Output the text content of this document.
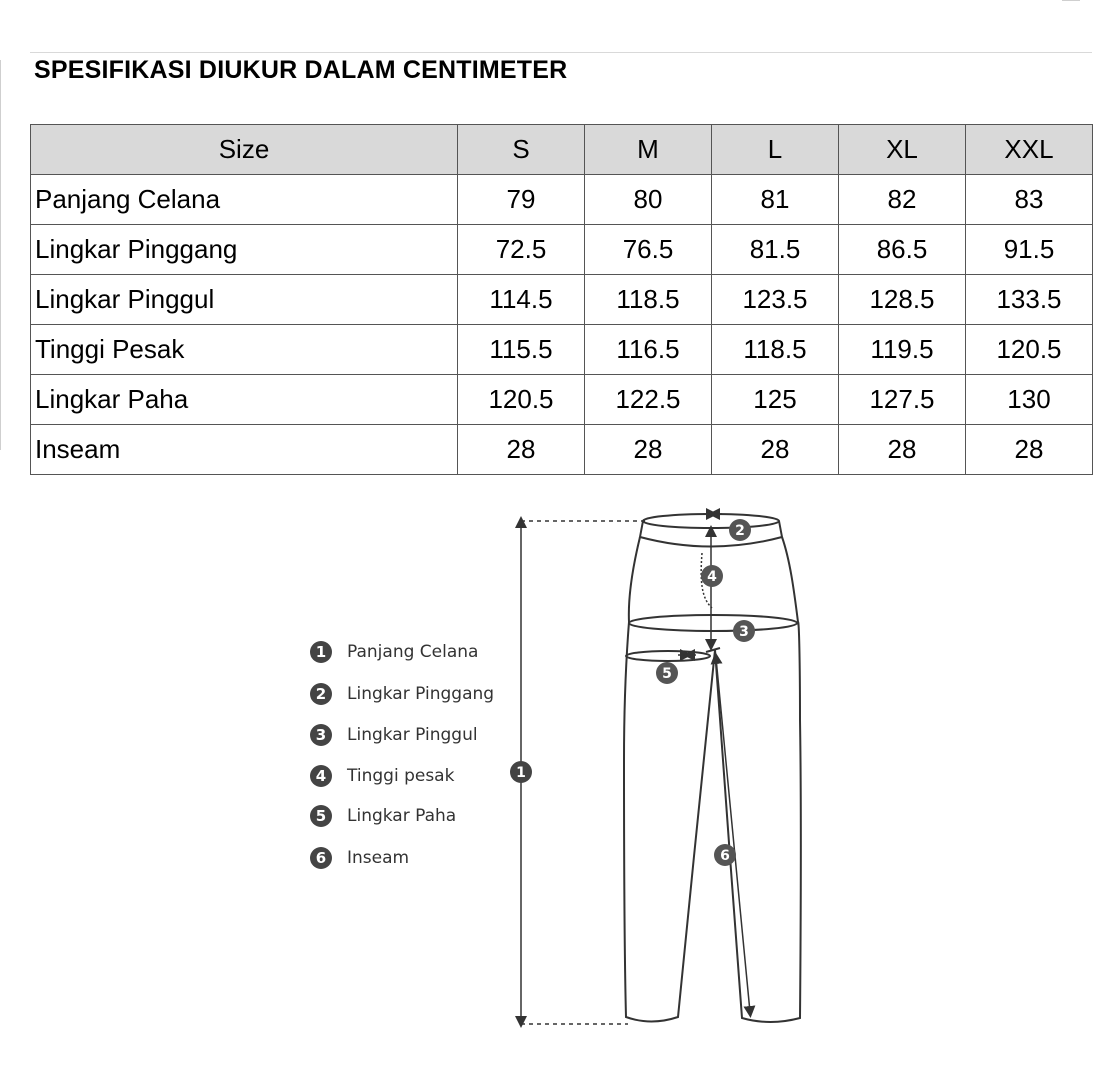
SPESIFIKASI DIUKUR DALAM CENTIMETER
Size	S	M	L	XL	XXL
Panjang Celana	79	80	81	82	83
Lingkar Pinggang	72.5	76.5	81.5	86.5	91.5
Lingkar Pinggul	114.5	118.5	123.5	128.5	133.5
Tinggi Pesak	115.5	116.5	118.5	119.5	120.5
Lingkar Paha	120.5	122.5	125	127.5	130
Inseam	28	28	28	28	28
1	Panjang Celana
2	Lingkar Pinggang
3	Lingkar Pinggul
4	Tinggi pesak
5	Lingkar Paha
6	Inseam
1
2
3
4
5
6
